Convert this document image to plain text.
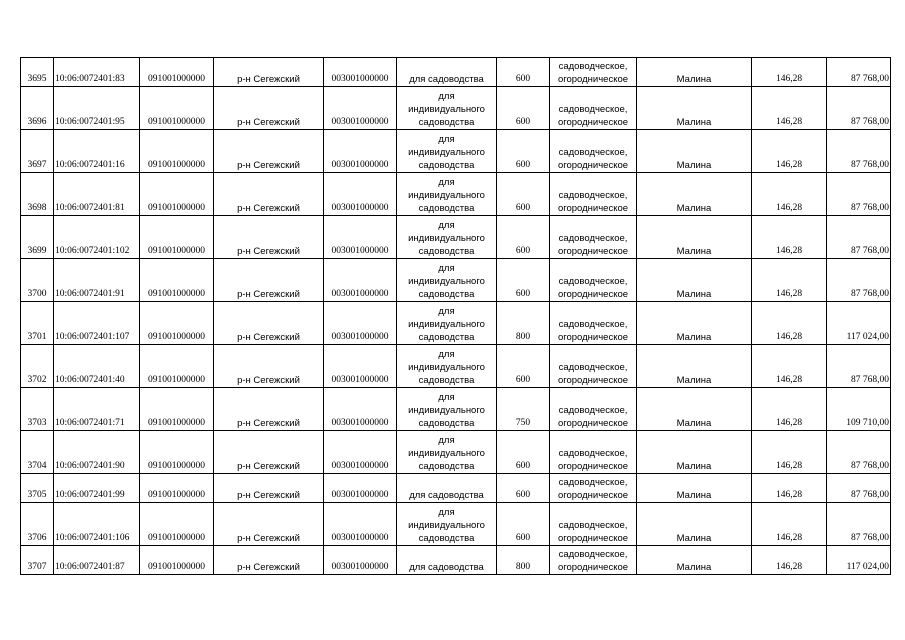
3695	10:06:0072401:83	091001000000	р-н Сегежский	003001000000	для садоводства	600	садоводческое,
огородническое	Малина	146,28	87 768,00
3696	10:06:0072401:95	091001000000	р-н Сегежский	003001000000	для
индивидуального
садоводства	600	садоводческое,
огородническое	Малина	146,28	87 768,00
3697	10:06:0072401:16	091001000000	р-н Сегежский	003001000000	для
индивидуального
садоводства	600	садоводческое,
огородническое	Малина	146,28	87 768,00
3698	10:06:0072401:81	091001000000	р-н Сегежский	003001000000	для
индивидуального
садоводства	600	садоводческое,
огородническое	Малина	146,28	87 768,00
3699	10:06:0072401:102	091001000000	р-н Сегежский	003001000000	для
индивидуального
садоводства	600	садоводческое,
огородническое	Малина	146,28	87 768,00
3700	10:06:0072401:91	091001000000	р-н Сегежский	003001000000	для
индивидуального
садоводства	600	садоводческое,
огородническое	Малина	146,28	87 768,00
3701	10:06:0072401:107	091001000000	р-н Сегежский	003001000000	для
индивидуального
садоводства	800	садоводческое,
огородническое	Малина	146,28	117 024,00
3702	10:06:0072401:40	091001000000	р-н Сегежский	003001000000	для
индивидуального
садоводства	600	садоводческое,
огородническое	Малина	146,28	87 768,00
3703	10:06:0072401:71	091001000000	р-н Сегежский	003001000000	для
индивидуального
садоводства	750	садоводческое,
огородническое	Малина	146,28	109 710,00
3704	10:06:0072401:90	091001000000	р-н Сегежский	003001000000	для
индивидуального
садоводства	600	садоводческое,
огородническое	Малина	146,28	87 768,00
3705	10:06:0072401:99	091001000000	р-н Сегежский	003001000000	для садоводства	600	садоводческое,
огородническое	Малина	146,28	87 768,00
3706	10:06:0072401:106	091001000000	р-н Сегежский	003001000000	для
индивидуального
садоводства	600	садоводческое,
огородническое	Малина	146,28	87 768,00
3707	10:06:0072401:87	091001000000	р-н Сегежский	003001000000	для садоводства	800	садоводческое,
огородническое	Малина	146,28	117 024,00
